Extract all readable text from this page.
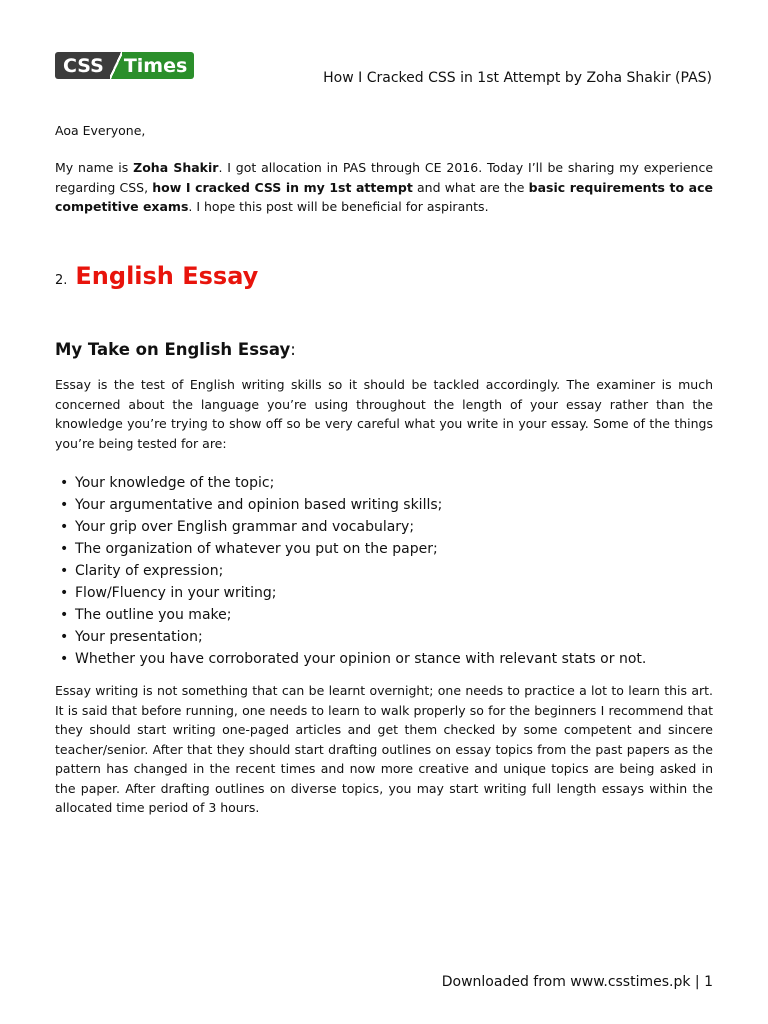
CSS	Times
How I Cracked CSS in 1st Attempt by Zoha Shakir (PAS)

Aoa Everyone,

My name is Zoha Shakir. I got allocation in PAS through CE 2016. Today I’ll be sharing my experience regarding CSS, how I cracked CSS in my 1st attempt and what are the basic requirements to ace competitive exams. I hope this post will be beneficial for aspirants.

2. English Essay
My Take on English Essay:

Essay is the test of English writing skills so it should be tackled accordingly. The examiner is much concerned about the language you’re using throughout the length of your essay rather than the knowledge you’re trying to show off so be very careful what you write in your essay. Some of the things you’re being tested for are:

• Your knowledge of the topic;
• Your argumentative and opinion based writing skills;
• Your grip over English grammar and vocabulary;
• The organization of whatever you put on the paper;
• Clarity of expression;
• Flow/Fluency in your writing;
• The outline you make;
• Your presentation;
• Whether you have corroborated your opinion or stance with relevant stats or not.

Essay writing is not something that can be learnt overnight; one needs to practice a lot to learn this art. It is said that before running, one needs to learn to walk properly so for the beginners I recommend that they should start writing one-paged articles and get them checked by some competent and sincere teacher/senior. After that they should start drafting outlines on essay topics from the past papers as the pattern has changed in the recent times and now more creative and unique topics are being asked in the paper. After drafting outlines on diverse topics, you may start writing full length essays within the allocated time period of 3 hours.

Downloaded from www.csstimes.pk | 1
